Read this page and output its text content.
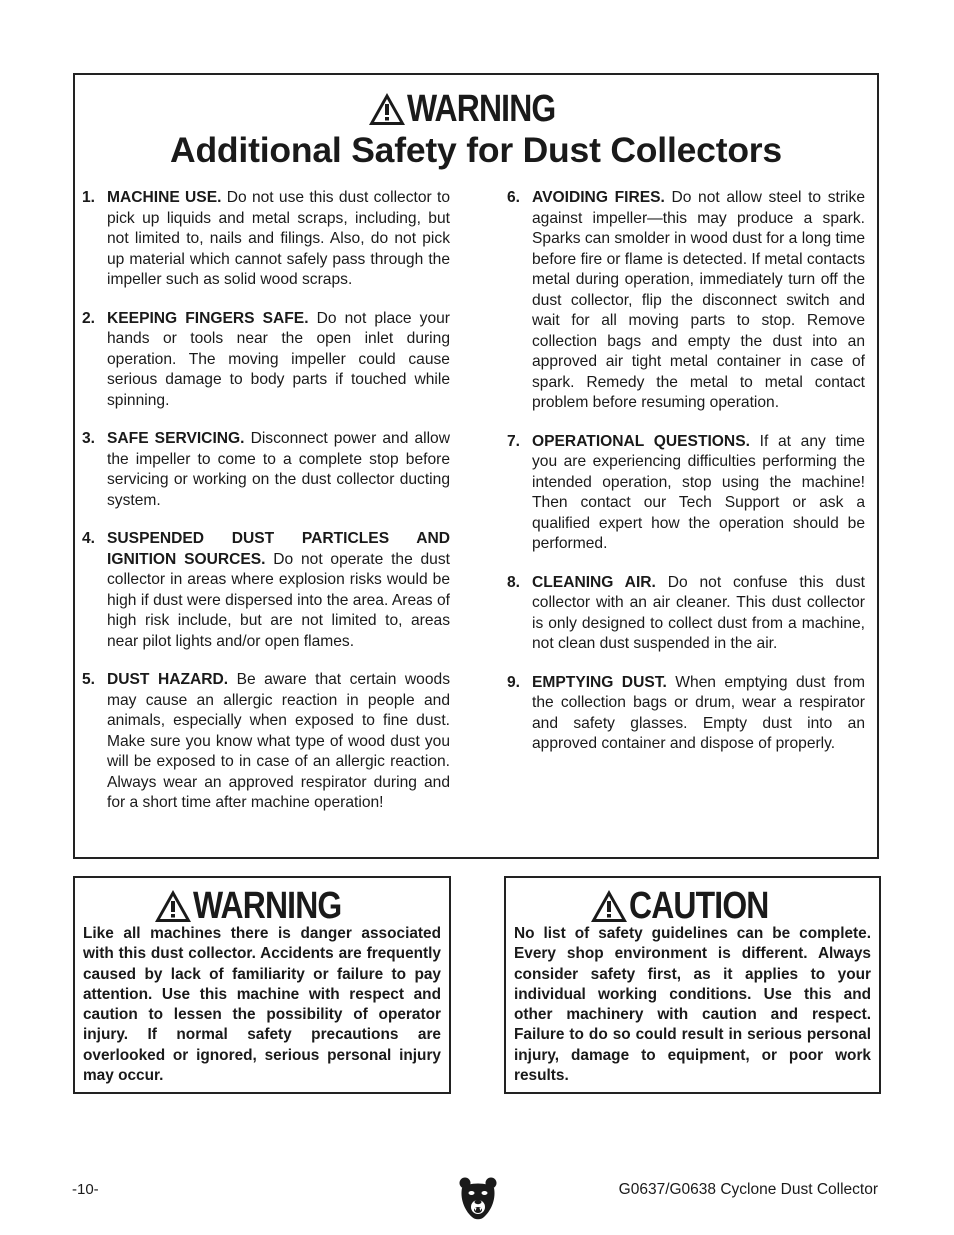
WARNING
Additional Safety for Dust Collectors
1. MACHINE USE. Do not use this dust collector to pick up liquids and metal scraps, including, but not limited to, nails and filings. Also, do not pick up material which cannot safely pass through the impeller such as solid wood scraps.
2. KEEPING FINGERS SAFE. Do not place your hands or tools near the open inlet during operation. The moving impeller could cause serious damage to body parts if touched while spinning.
3. SAFE SERVICING. Disconnect power and allow the impeller to come to a complete stop before servicing or working on the dust collector ducting system.
4. SUSPENDED DUST PARTICLES AND IGNITION SOURCES. Do not operate the dust collector in areas where explosion risks would be high if dust were dispersed into the area. Areas of high risk include, but are not limited to, areas near pilot lights and/or open flames.
5. DUST HAZARD. Be aware that certain woods may cause an allergic reaction in people and animals, especially when exposed to fine dust. Make sure you know what type of wood dust you will be exposed to in case of an allergic reaction. Always wear an approved respirator during and for a short time after machine operation!
6. AVOIDING FIRES. Do not allow steel to strike against impeller—this may produce a spark. Sparks can smolder in wood dust for a long time before fire or flame is detected. If metal contacts metal during operation, immediately turn off the dust collector, flip the disconnect switch and wait for all moving parts to stop. Remove collection bags and empty the dust into an approved air tight metal container in case of spark. Remedy the metal to metal contact problem before resuming operation.
7. OPERATIONAL QUESTIONS. If at any time you are experiencing difficulties performing the intended operation, stop using the machine! Then contact our Tech Support or ask a qualified expert how the operation should be performed.
8. CLEANING AIR. Do not confuse this dust collector with an air cleaner. This dust collector is only designed to collect dust from a machine, not clean dust suspended in the air.
9. EMPTYING DUST. When emptying dust from the collection bags or drum, wear a respirator and safety glasses. Empty dust into an approved container and dispose of properly.
WARNING
Like all machines there is danger associated with this dust collector. Accidents are frequently caused by lack of familiarity or failure to pay attention. Use this machine with respect and caution to lessen the possibility of operator injury. If normal safety precautions are overlooked or ignored, serious personal injury may occur.
CAUTION
No list of safety guidelines can be complete. Every shop environment is different. Always consider safety first, as it applies to your individual working conditions. Use this and other machinery with caution and respect. Failure to do so could result in serious personal injury, damage to equipment, or poor work results.
-10-	G0637/G0638 Cyclone Dust Collector
